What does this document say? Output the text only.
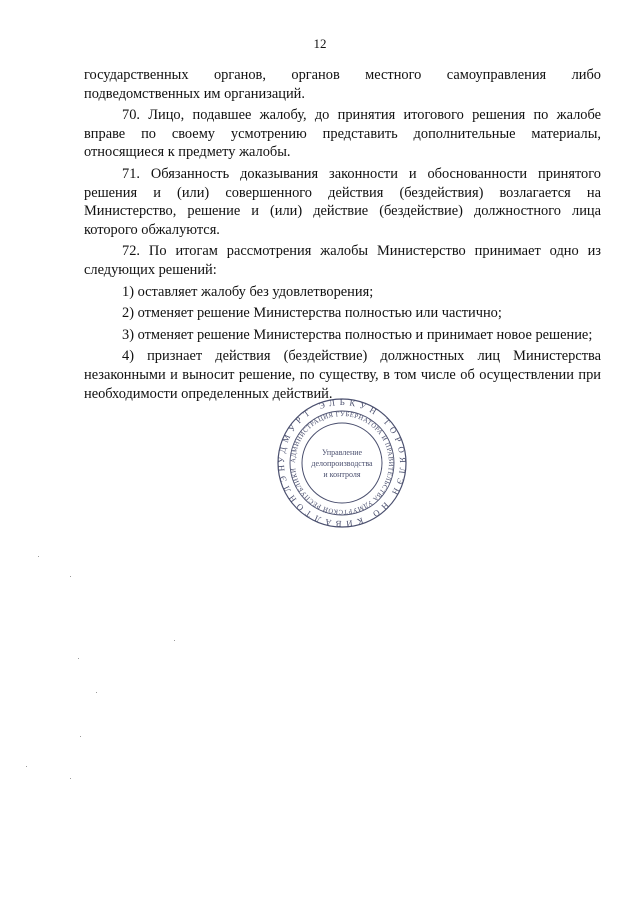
12

государственных органов, органов местного самоуправления либо подведомственных им организаций.

70. Лицо, подавшее жалобу, до принятия итогового решения по жалобе вправе по своему усмотрению представить дополнительные материалы, относящиеся к предмету жалобы.

71. Обязанность доказывания законности и обоснованности принятого решения и (или) совершенного действия (бездействия) возлагается на Министерство, решение и (или) действие (бездействие) должностного лица которого обжалуются.

72. По итогам рассмотрения жалобы Министерство принимает одно из следующих решений:

1) оставляет жалобу без удовлетворения;

2) отменяет решение Министерства полностью или частично;

3) отменяет решение Министерства полностью и принимает новое решение;

4) признает действия (бездействие) должностных лиц Министерства незаконными и выносит решение, по существу, в том числе об осуществлении при необходимости определенных действий.

УДМУРТ ЭЛЬКУН ТОРОЯЛЭН НО КИВАЛТОНЛЭН
АДМИНИСТРАЦИЯ ГУБЕРНАТОРА И ПРАВИТЕЛЬСТВА УДМУРТСКОЙ РЕСПУБЛИКИ
Управление
делопроизводства
и контроля
